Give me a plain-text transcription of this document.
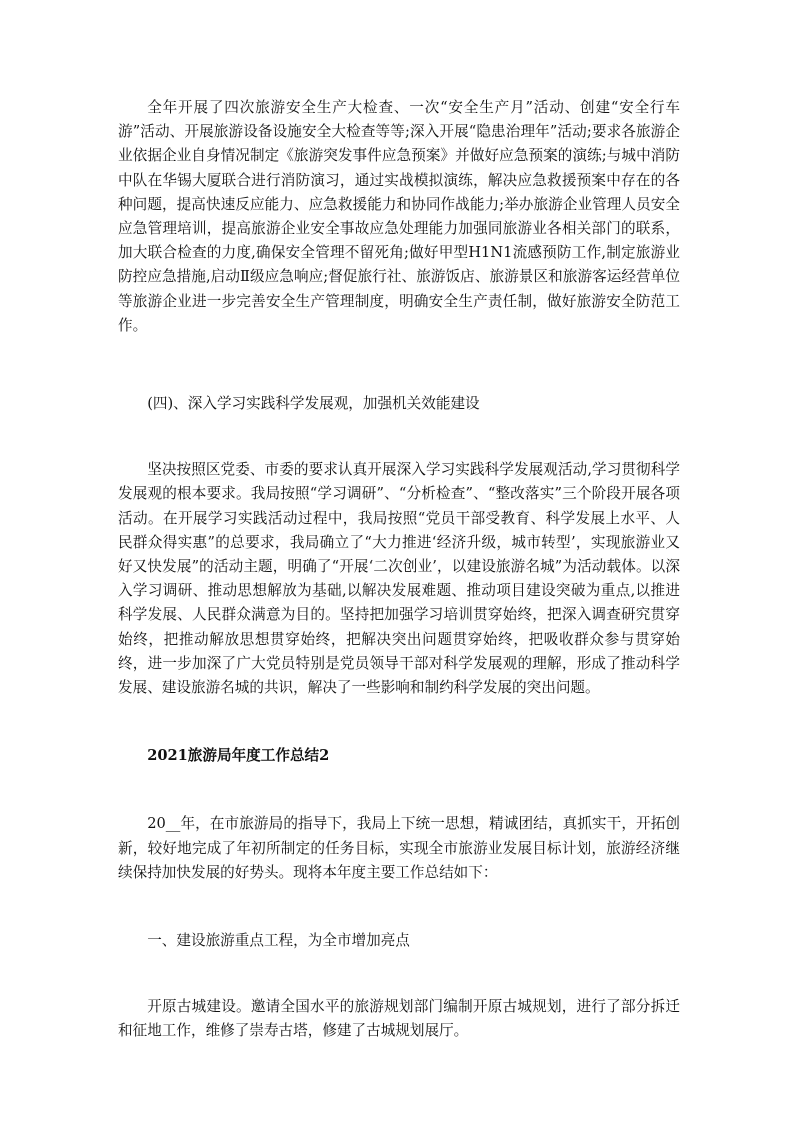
全年开展了四次旅游安全生产大检查、一次“安全生产月”活动、创建“安全行车游”活动、开展旅游设备设施安全大检查等等;深入开展“隐患治理年”活动;要求各旅游企业依据企业自身情况制定《旅游突发事件应急预案》并做好应急预案的演练;与城中消防中队在华锡大厦联合进行消防演习，通过实战模拟演练，解决应急救援预案中存在的各种问题，提高快速反应能力、应急救援能力和协同作战能力;举办旅游企业管理人员安全应急管理培训，提高旅游企业安全事故应急处理能力加强同旅游业各相关部门的联系，加大联合检查的力度,确保安全管理不留死角;做好甲型H1N1流感预防工作,制定旅游业防控应急措施,启动Ⅱ级应急响应;督促旅行社、旅游饭店、旅游景区和旅游客运经营单位等旅游企业进一步完善安全生产管理制度，明确安全生产责任制，做好旅游安全防范工作。

(四)、深入学习实践科学发展观，加强机关效能建设

坚决按照区党委、市委的要求认真开展深入学习实践科学发展观活动,学习贯彻科学发展观的根本要求。我局按照“学习调研”、“分析检查”、“整改落实”三个阶段开展各项活动。在开展学习实践活动过程中，我局按照“党员干部受教育、科学发展上水平、人民群众得实惠”的总要求，我局确立了“大力推进‘经济升级，城市转型’，实现旅游业又好又快发展”的活动主题，明确了“开展‘二次创业’，以建设旅游名城”为活动载体。以深入学习调研、推动思想解放为基础,以解决发展难题、推动项目建设突破为重点,以推进科学发展、人民群众满意为目的。坚持把加强学习培训贯穿始终，把深入调查研究贯穿始终，把推动解放思想贯穿始终，把解决突出问题贯穿始终，把吸收群众参与贯穿始终，进一步加深了广大党员特别是党员领导干部对科学发展观的理解，形成了推动科学发展、建设旅游名城的共识，解决了一些影响和制约科学发展的突出问题。

2021旅游局年度工作总结2

20__年，在市旅游局的指导下，我局上下统一思想，精诚团结，真抓实干，开拓创新，较好地完成了年初所制定的任务目标，实现全市旅游业发展目标计划，旅游经济继续保持加快发展的好势头。现将本年度主要工作总结如下：

一、建设旅游重点工程，为全市增加亮点

开原古城建设。邀请全国水平的旅游规划部门编制开原古城规划，进行了部分拆迁和征地工作，维修了崇寿古塔，修建了古城规划展厅。
